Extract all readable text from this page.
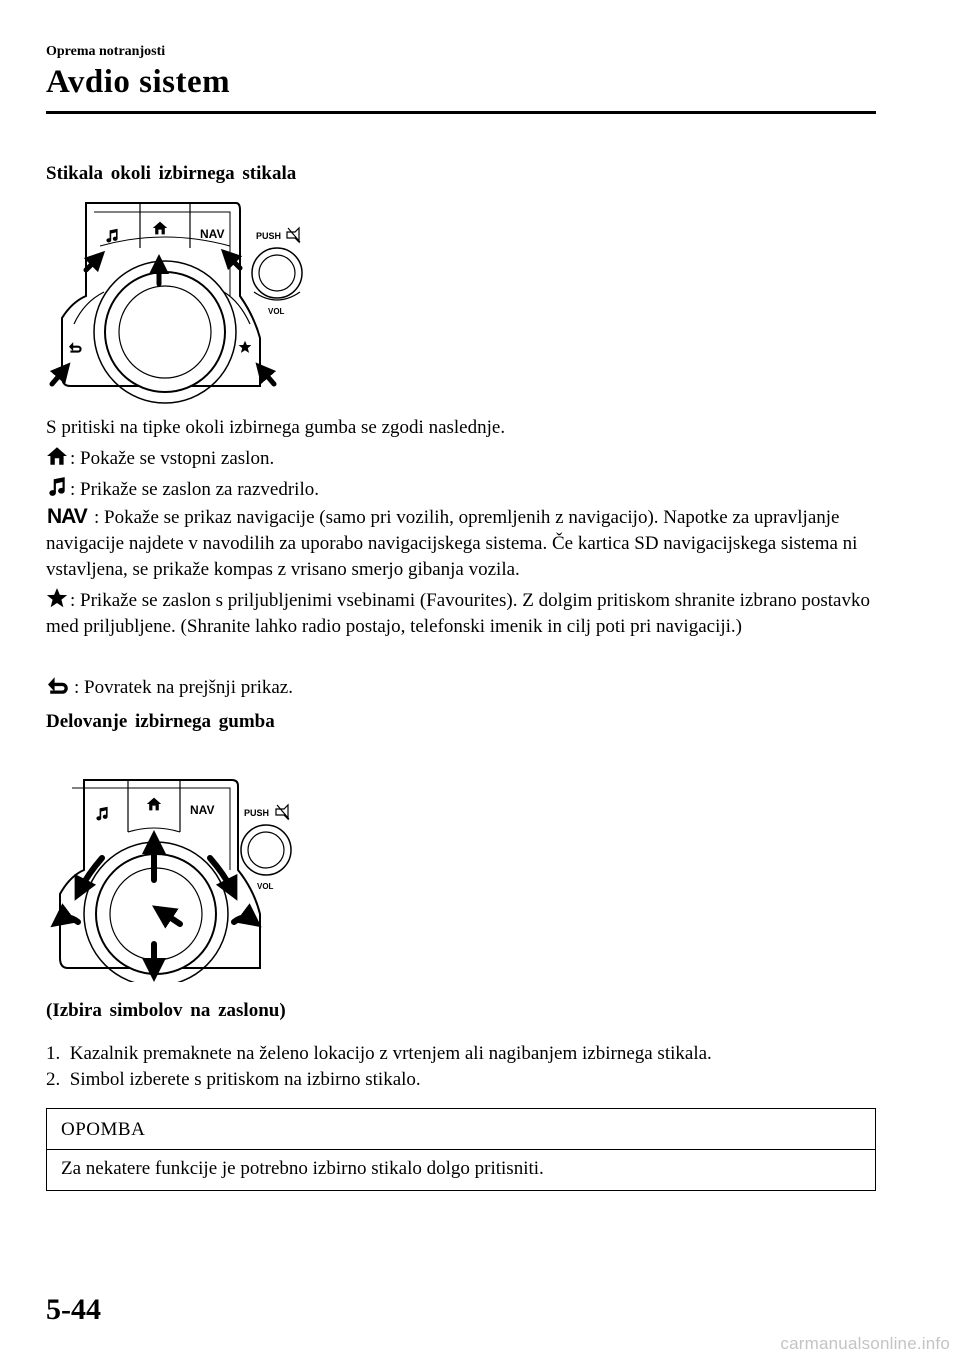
Oprema notranjosti
Avdio sistem
Stikala okoli izbirnega stikala
NAV	PUSH
VOL
S pritiski na tipke okoli izbirnega gumba se zgodi naslednje.
: Pokaže se vstopni zaslon.
: Prikaže se zaslon za razvedrilo.
NAV : Pokaže se prikaz navigacije (samo pri vozilih, opremljenih z navigacijo). Napotke za upravljanje navigacije najdete v navodilih za uporabo navigacijskega sistema. Če kartica SD navigacijskega sistema ni vstavljena, se prikaže kompas z vrisano smerjo gibanja vozila.
: Prikaže se zaslon s priljubljenimi vsebinami (Favourites). Z dolgim pritiskom shranite izbrano postavko med priljubljene. (Shranite lahko radio postajo, telefonski imenik in cilj poti pri navigaciji.)
: Povratek na prejšnji prikaz.
Delovanje izbirnega gumba
NAV	PUSH
VOL
(Izbira simbolov na zaslonu)
1. Kazalnik premaknete na želeno lokacijo z vrtenjem ali nagibanjem izbirnega stikala.
2. Simbol izberete s pritiskom na izbirno stikalo.
OPOMBA
Za nekatere funkcije je potrebno izbirno stikalo dolgo pritisniti.
5-44
carmanualsonline.info
